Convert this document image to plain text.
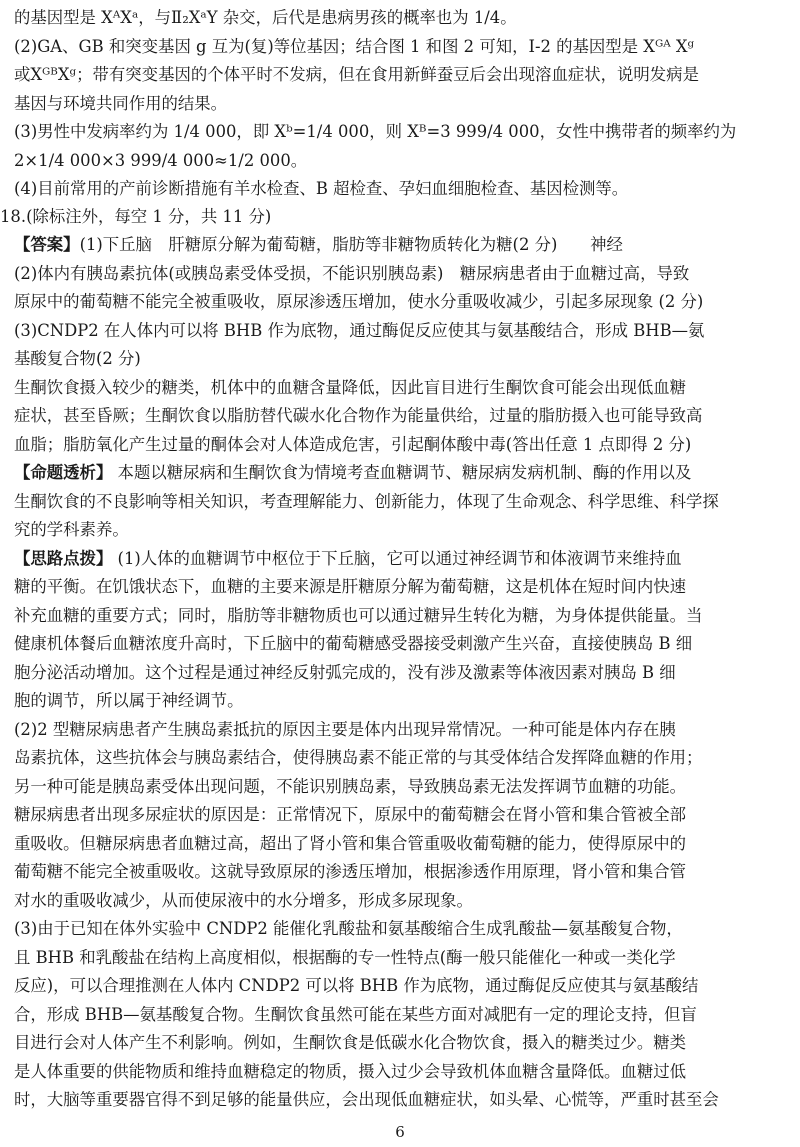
的基因型是 XᴬXᵃ，与Ⅱ₂XᵃY 杂交，后代是患病男孩的概率也为 1/4。
(2)GA、GB 和突变基因 g 互为(复)等位基因；结合图 1 和图 2 可知，Ⅰ-2 的基因型是 Xᴳᴬ Xᵍ
或XᴳᴮXᵍ；带有突变基因的个体平时不发病，但在食用新鲜蚕豆后会出现溶血症状，说明发病是
基因与环境共同作用的结果。
(3)男性中发病率约为 1/4 000，即 Xᵇ=1/4 000，则 Xᴮ=3 999/4 000，女性中携带者的频率约为
2×1/4 000×3 999/4 000≈1/2 000。
(4)目前常用的产前诊断措施有羊水检查、B 超检查、孕妇血细胞检查、基因检测等。
18.(除标注外，每空 1 分，共 11 分)
【答案】(1)下丘脑　肝糖原分解为葡萄糖，脂肪等非糖物质转化为糖(2 分)　　神经
(2)体内有胰岛素抗体(或胰岛素受体受损，不能识别胰岛素)　糖尿病患者由于血糖过高，导致
原尿中的葡萄糖不能完全被重吸收，原尿渗透压增加，使水分重吸收减少，引起多尿现象 (2 分)
(3)CNDP2 在人体内可以将 BHB 作为底物，通过酶促反应使其与氨基酸结合，形成 BHB—氨
基酸复合物(2 分)
生酮饮食摄入较少的糖类，机体中的血糖含量降低，因此盲目进行生酮饮食可能会出现低血糖
症状，甚至昏厥；生酮饮食以脂肪替代碳水化合物作为能量供给，过量的脂肪摄入也可能导致高
血脂；脂肪氧化产生过量的酮体会对人体造成危害，引起酮体酸中毒(答出任意 1 点即得 2 分)
【命题透析】 本题以糖尿病和生酮饮食为情境考查血糖调节、糖尿病发病机制、酶的作用以及
生酮饮食的不良影响等相关知识，考查理解能力、创新能力，体现了生命观念、科学思维、科学探
究的学科素养。
【思路点拨】 (1)人体的血糖调节中枢位于下丘脑，它可以通过神经调节和体液调节来维持血
糖的平衡。在饥饿状态下，血糖的主要来源是肝糖原分解为葡萄糖，这是机体在短时间内快速
补充血糖的重要方式；同时，脂肪等非糖物质也可以通过糖异生转化为糖，为身体提供能量。当
健康机体餐后血糖浓度升高时，下丘脑中的葡萄糖感受器接受刺激产生兴奋，直接使胰岛 B 细
胞分泌活动增加。这个过程是通过神经反射弧完成的，没有涉及激素等体液因素对胰岛 B 细
胞的调节，所以属于神经调节。
(2)2 型糖尿病患者产生胰岛素抵抗的原因主要是体内出现异常情况。一种可能是体内存在胰
岛素抗体，这些抗体会与胰岛素结合，使得胰岛素不能正常的与其受体结合发挥降血糖的作用；
另一种可能是胰岛素受体出现问题，不能识别胰岛素，导致胰岛素无法发挥调节血糖的功能。
糖尿病患者出现多尿症状的原因是：正常情况下，原尿中的葡萄糖会在肾小管和集合管被全部
重吸收。但糖尿病患者血糖过高，超出了肾小管和集合管重吸收葡萄糖的能力，使得原尿中的
葡萄糖不能完全被重吸收。这就导致原尿的渗透压增加，根据渗透作用原理，肾小管和集合管
对水的重吸收减少，从而使尿液中的水分增多，形成多尿现象。
(3)由于已知在体外实验中 CNDP2 能催化乳酸盐和氨基酸缩合生成乳酸盐—氨基酸复合物，
且 BHB 和乳酸盐在结构上高度相似，根据酶的专一性特点(酶一般只能催化一种或一类化学
反应)，可以合理推测在人体内 CNDP2 可以将 BHB 作为底物，通过酶促反应使其与氨基酸结
合，形成 BHB—氨基酸复合物。生酮饮食虽然可能在某些方面对减肥有一定的理论支持，但盲
目进行会对人体产生不利影响。例如，生酮饮食是低碳水化合物饮食，摄入的糖类过少。糖类
是人体重要的供能物质和维持血糖稳定的物质，摄入过少会导致机体血糖含量降低。血糖过低
时，大脑等重要器官得不到足够的能量供应，会出现低血糖症状，如头晕、心慌等，严重时甚至会
6
